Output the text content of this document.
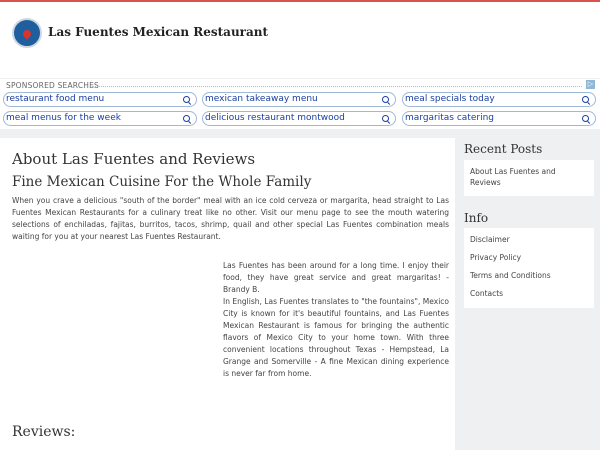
Las Fuentes Mexican Restaurant
SPONSORED SEARCHES	▷
restaurant food menu	mexican takeaway menu	meal specials today
meal menus for the week	delicious restaurant montwood	margaritas catering
About Las Fuentes and Reviews
Fine Mexican Cuisine For the Whole Family
When you crave a delicious "south of the border" meal with an ice cold cerveza or margarita, head straight to Las Fuentes Mexican Restaurants for a culinary treat like no other. Visit our menu page to see the mouth watering selections of enchiladas, fajitas, burritos, tacos, shrimp, quail and other special Las Fuentes combination meals waiting for you at your nearest Las Fuentes Restaurant.

Las Fuentes has been around for a long time. I enjoy their food, they have great service and great margaritas! - Brandy B.

In English, Las Fuentes translates to "the fountains", Mexico City is known for it's beautiful fountains, and Las Fuentes Mexican Restaurant is famous for bringing the authentic flavors of Mexico City to your home town. With three convenient locations throughout Texas - Hempstead, La Grange and Somerville - A fine Mexican dining experience is never far from home.

Reviews:
Recent Posts
About Las Fuentes and Reviews
Info
Disclaimer
Privacy Policy
Terms and Conditions
Contacts
